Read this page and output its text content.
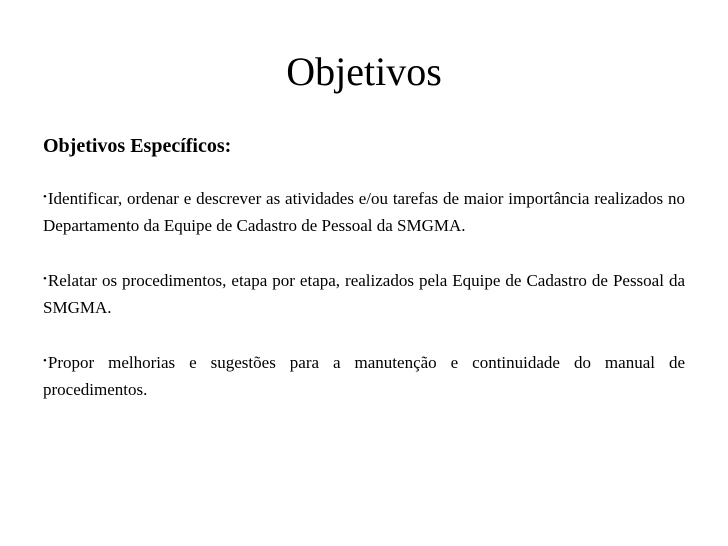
Objetivos
Objetivos Específicos:
•Identificar, ordenar e descrever as atividades e/ou tarefas de maior importância realizados no Departamento da Equipe de Cadastro de Pessoal da SMGMA.
•Relatar os procedimentos, etapa por etapa, realizados pela Equipe de Cadastro de Pessoal da SMGMA.
•Propor melhorias e sugestões para a manutenção e continuidade do manual de procedimentos.
